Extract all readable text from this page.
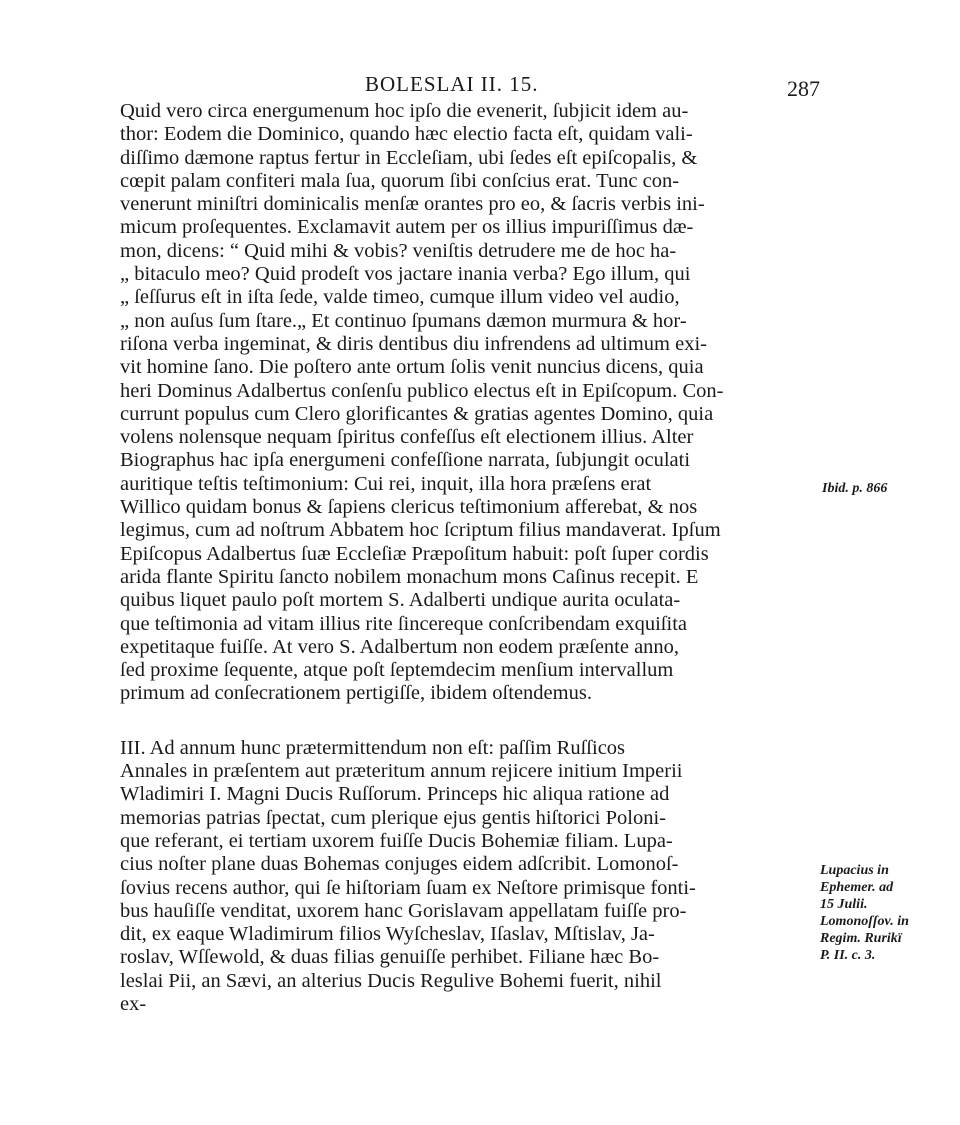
BOLESLAI II. 15.	287
Quid vero circa energumenum hoc ipſo die evenerit, ſubjicit idem au-
thor: Eodem die Dominico, quando hæc electio facta eſt, quidam vali-
diſſimo dæmone raptus fertur in Eccleſiam, ubi ſedes eſt epiſcopalis, &
cœpit palam confiteri mala ſua, quorum ſibi conſcius erat. Tunc con-
venerunt miniſtri dominicalis menſæ orantes pro eo, & ſacris verbis ini-
micum proſequentes. Exclamavit autem per os illius impuriſſimus dæ-
mon, dicens: “ Quid mihi & vobis? veniſtis detrudere me de hoc ha-
„ bitaculo meo? Quid prodeſt vos jactare inania verba? Ego illum, qui
„ ſeſſurus eſt in iſta ſede, valde timeo, cumque illum video vel audio,
„ non auſus ſum ſtare.„ Et continuo ſpumans dæmon murmura & hor-
riſona verba ingeminat, & diris dentibus diu infrendens ad ultimum exi-
vit homine ſano. Die poſtero ante ortum ſolis venit nuncius dicens, quia
heri Dominus Adalbertus conſenſu publico electus eſt in Epiſcopum. Con-
currunt populus cum Clero glorificantes & gratias agentes Domino, quia
volens nolensque nequam ſpiritus confeſſus eſt electionem illius. Alter
Biographus hac ipſa energumeni confeſſione narrata, ſubjungit oculati
auritique teſtis teſtimonium: Cui rei, inquit, illa hora præſens erat
Willico quidam bonus & ſapiens clericus teſtimonium afferebat, & nos
legimus, cum ad noſtrum Abbatem hoc ſcriptum filius mandaverat. Ipſum
Epiſcopus Adalbertus ſuæ Eccleſiæ Præpoſitum habuit: poſt ſuper cordis
arida flante Spiritu ſancto nobilem monachum mons Caſinus recepit. E
quibus liquet paulo poſt mortem S. Adalberti undique aurita oculata-
que teſtimonia ad vitam illius rite ſincereque conſcribendam exquiſita
expetitaque fuiſſe. At vero S. Adalbertum non eodem præſente anno,
ſed proxime ſequente, atque poſt ſeptemdecim menſium intervallum
primum ad conſecrationem pertigiſſe, ibidem oſtendemus.
III. Ad annum hunc prætermittendum non eſt: paſſim Ruſſicos
Annales in præſentem aut præteritum annum rejicere initium Imperii
Wladimiri I. Magni Ducis Ruſſorum. Princeps hic aliqua ratione ad
memorias patrias ſpectat, cum plerique ejus gentis hiſtorici Poloni-
que referant, ei tertiam uxorem fuiſſe Ducis Bohemiæ filiam. Lupa-
cius noſter plane duas Bohemas conjuges eidem adſcribit. Lomonoſ-
ſovius recens author, qui ſe hiſtoriam ſuam ex Neſtore primisque fonti-
bus hauſiſſe venditat, uxorem hanc Gorislavam appellatam fuiſſe pro-
dit, ex eaque Wladimirum filios Wyſcheslav, Iſaslav, Mſtislav, Ja-
roslav, Wſſewold, & duas filias genuiſſe perhibet. Filiane hæc Bo-
leslai Pii, an Sævi, an alterius Ducis Regulive Bohemi fuerit, nihil
ex-
Ibid. p. 866
Lupacius in
Ephemer. ad
15 Julii.
Lomonoſſov. in
Regim. Rurikï
P. II. c. 3.
